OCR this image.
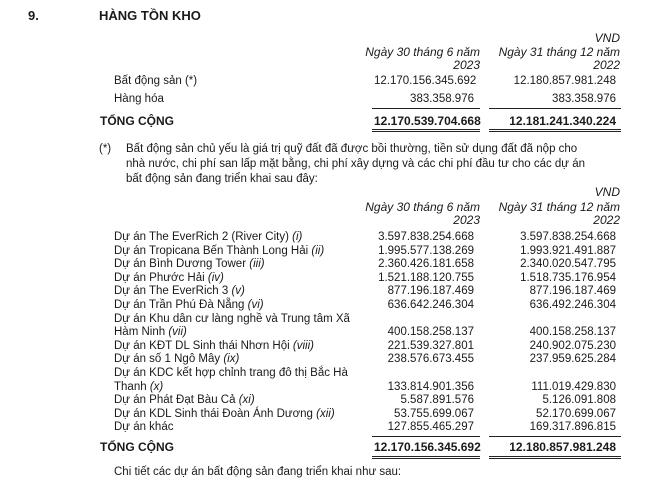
9.	HÀNG TỒN KHO
VND
Ngày 30 tháng 6 năm 2023
Ngày 31 tháng 12 năm 2022
Bất động sản (*)	12.170.156.345.692	12.180.857.981.248
Hàng hóa	383.358.976	383.358.976
TỔNG CỘNG	12.170.539.704.668	12.181.241.340.224
(*) Bất động sản chủ yếu là giá trị quỹ đất đã được bồi thường, tiền sử dụng đất đã nộp cho nhà nước, chi phí san lấp mặt bằng, chi phí xây dựng và các chi phí đầu tư cho các dự án bất động sản đang triển khai sau đây:
VND
Ngày 30 tháng 6 năm 2023
Ngày 31 tháng 12 năm 2022
Dự án The EverRich 2 (River City) (i)	3.597.838.254.668	3.597.838.254.668
Dự án Tropicana Bến Thành Long Hải (ii)	1.995.577.138.269	1.993.921.491.887
Dự án Bình Dương Tower (iii)	2.360.426.181.658	2.340.020.547.795
Dự án Phước Hải (iv)	1.521.188.120.755	1.518.735.176.954
Dự án The EverRich 3 (v)	877.196.187.469	877.196.187.469
Dự án Trần Phú Đà Nẵng (vi)	636.642.246.304	636.492.246.304
Dự án Khu dân cư làng nghề và Trung tâm Xã
Hàm Ninh (vii)	400.158.258.137	400.158.258.137
Dự án KĐT DL Sinh thái Nhơn Hội (viii)	221.539.327.801	240.902.075.230
Dự án số 1 Ngô Mây (ix)	238.576.673.455	237.959.625.284
Dự án KDC kết hợp chỉnh trang đô thị Bắc Hà
Thanh (x)	133.814.901.356	111.019.429.830
Dự án Phát Đạt Bàu Cả (xi)	5.587.891.576	5.126.091.808
Dự án KDL Sinh thái Đoàn Ánh Dương (xii)	53.755.699.067	52.170.699.067
Dự án khác	127.855.465.297	169.317.896.815
TỔNG CỘNG	12.170.156.345.692	12.180.857.981.248
Chi tiết các dự án bất động sản đang triển khai như sau:
